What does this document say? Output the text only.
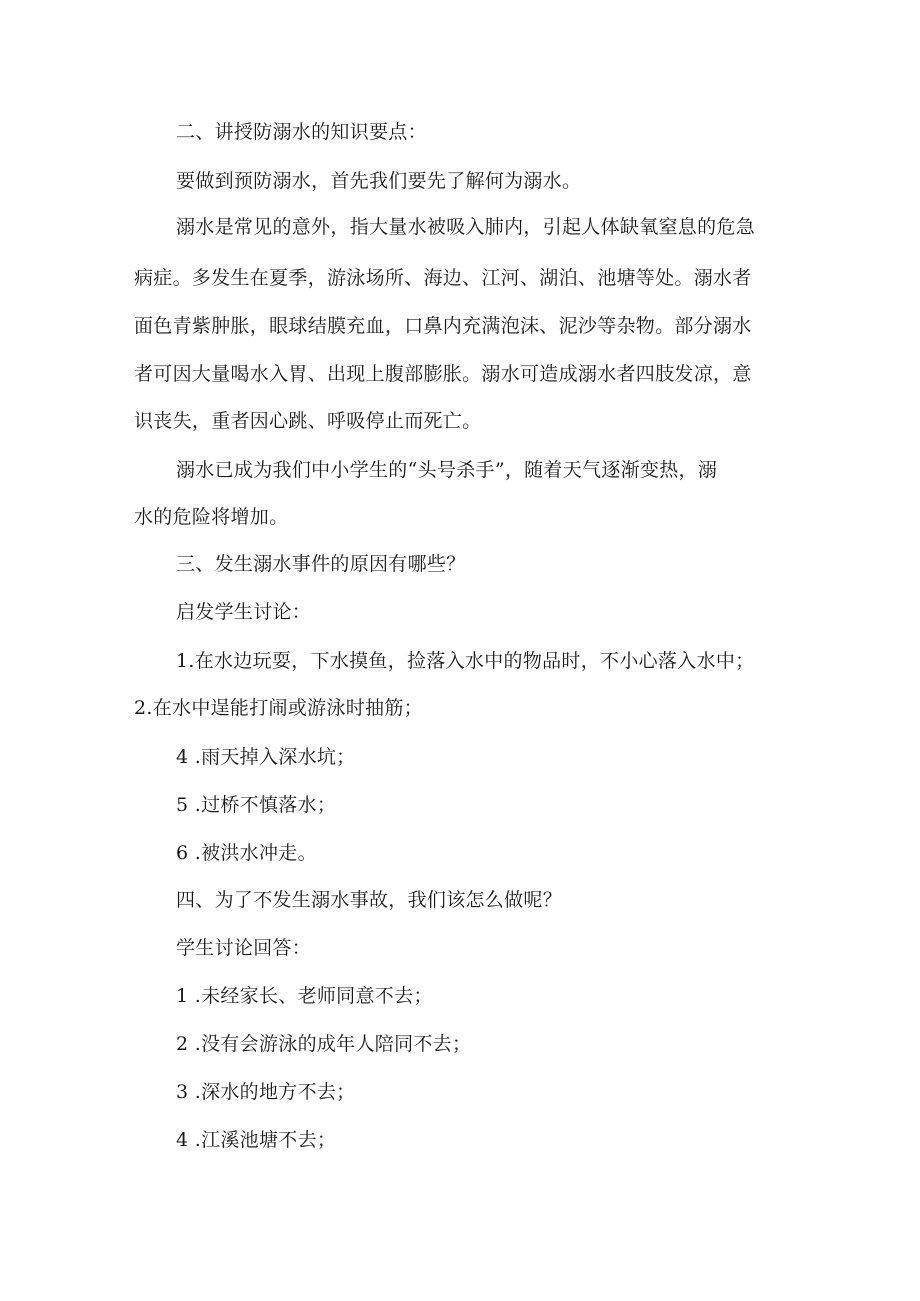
二、讲授防溺水的知识要点：
要做到预防溺水，首先我们要先了解何为溺水。
溺水是常见的意外，指大量水被吸入肺内，引起人体缺氧窒息的危急
病症。多发生在夏季，游泳场所、海边、江河、湖泊、池塘等处。溺水者
面色青紫肿胀，眼球结膜充血，口鼻内充满泡沫、泥沙等杂物。部分溺水
者可因大量喝水入胃、出现上腹部膨胀。溺水可造成溺水者四肢发凉，意
识丧失，重者因心跳、呼吸停止而死亡。
溺水已成为我们中小学生的“头号杀手”，随着天气逐渐变热，溺
水的危险将增加。
三、发生溺水事件的原因有哪些？
启发学生讨论：
1.在水边玩耍，下水摸鱼，捡落入水中的物品时，不小心落入水中；
2.在水中逞能打闹或游泳时抽筋；
4 .雨天掉入深水坑；
5 .过桥不慎落水；
6 .被洪水冲走。
四、为了不发生溺水事故，我们该怎么做呢？
学生讨论回答：
1 .未经家长、老师同意不去；
2 .没有会游泳的成年人陪同不去；
3 .深水的地方不去；
4 .江溪池塘不去；
